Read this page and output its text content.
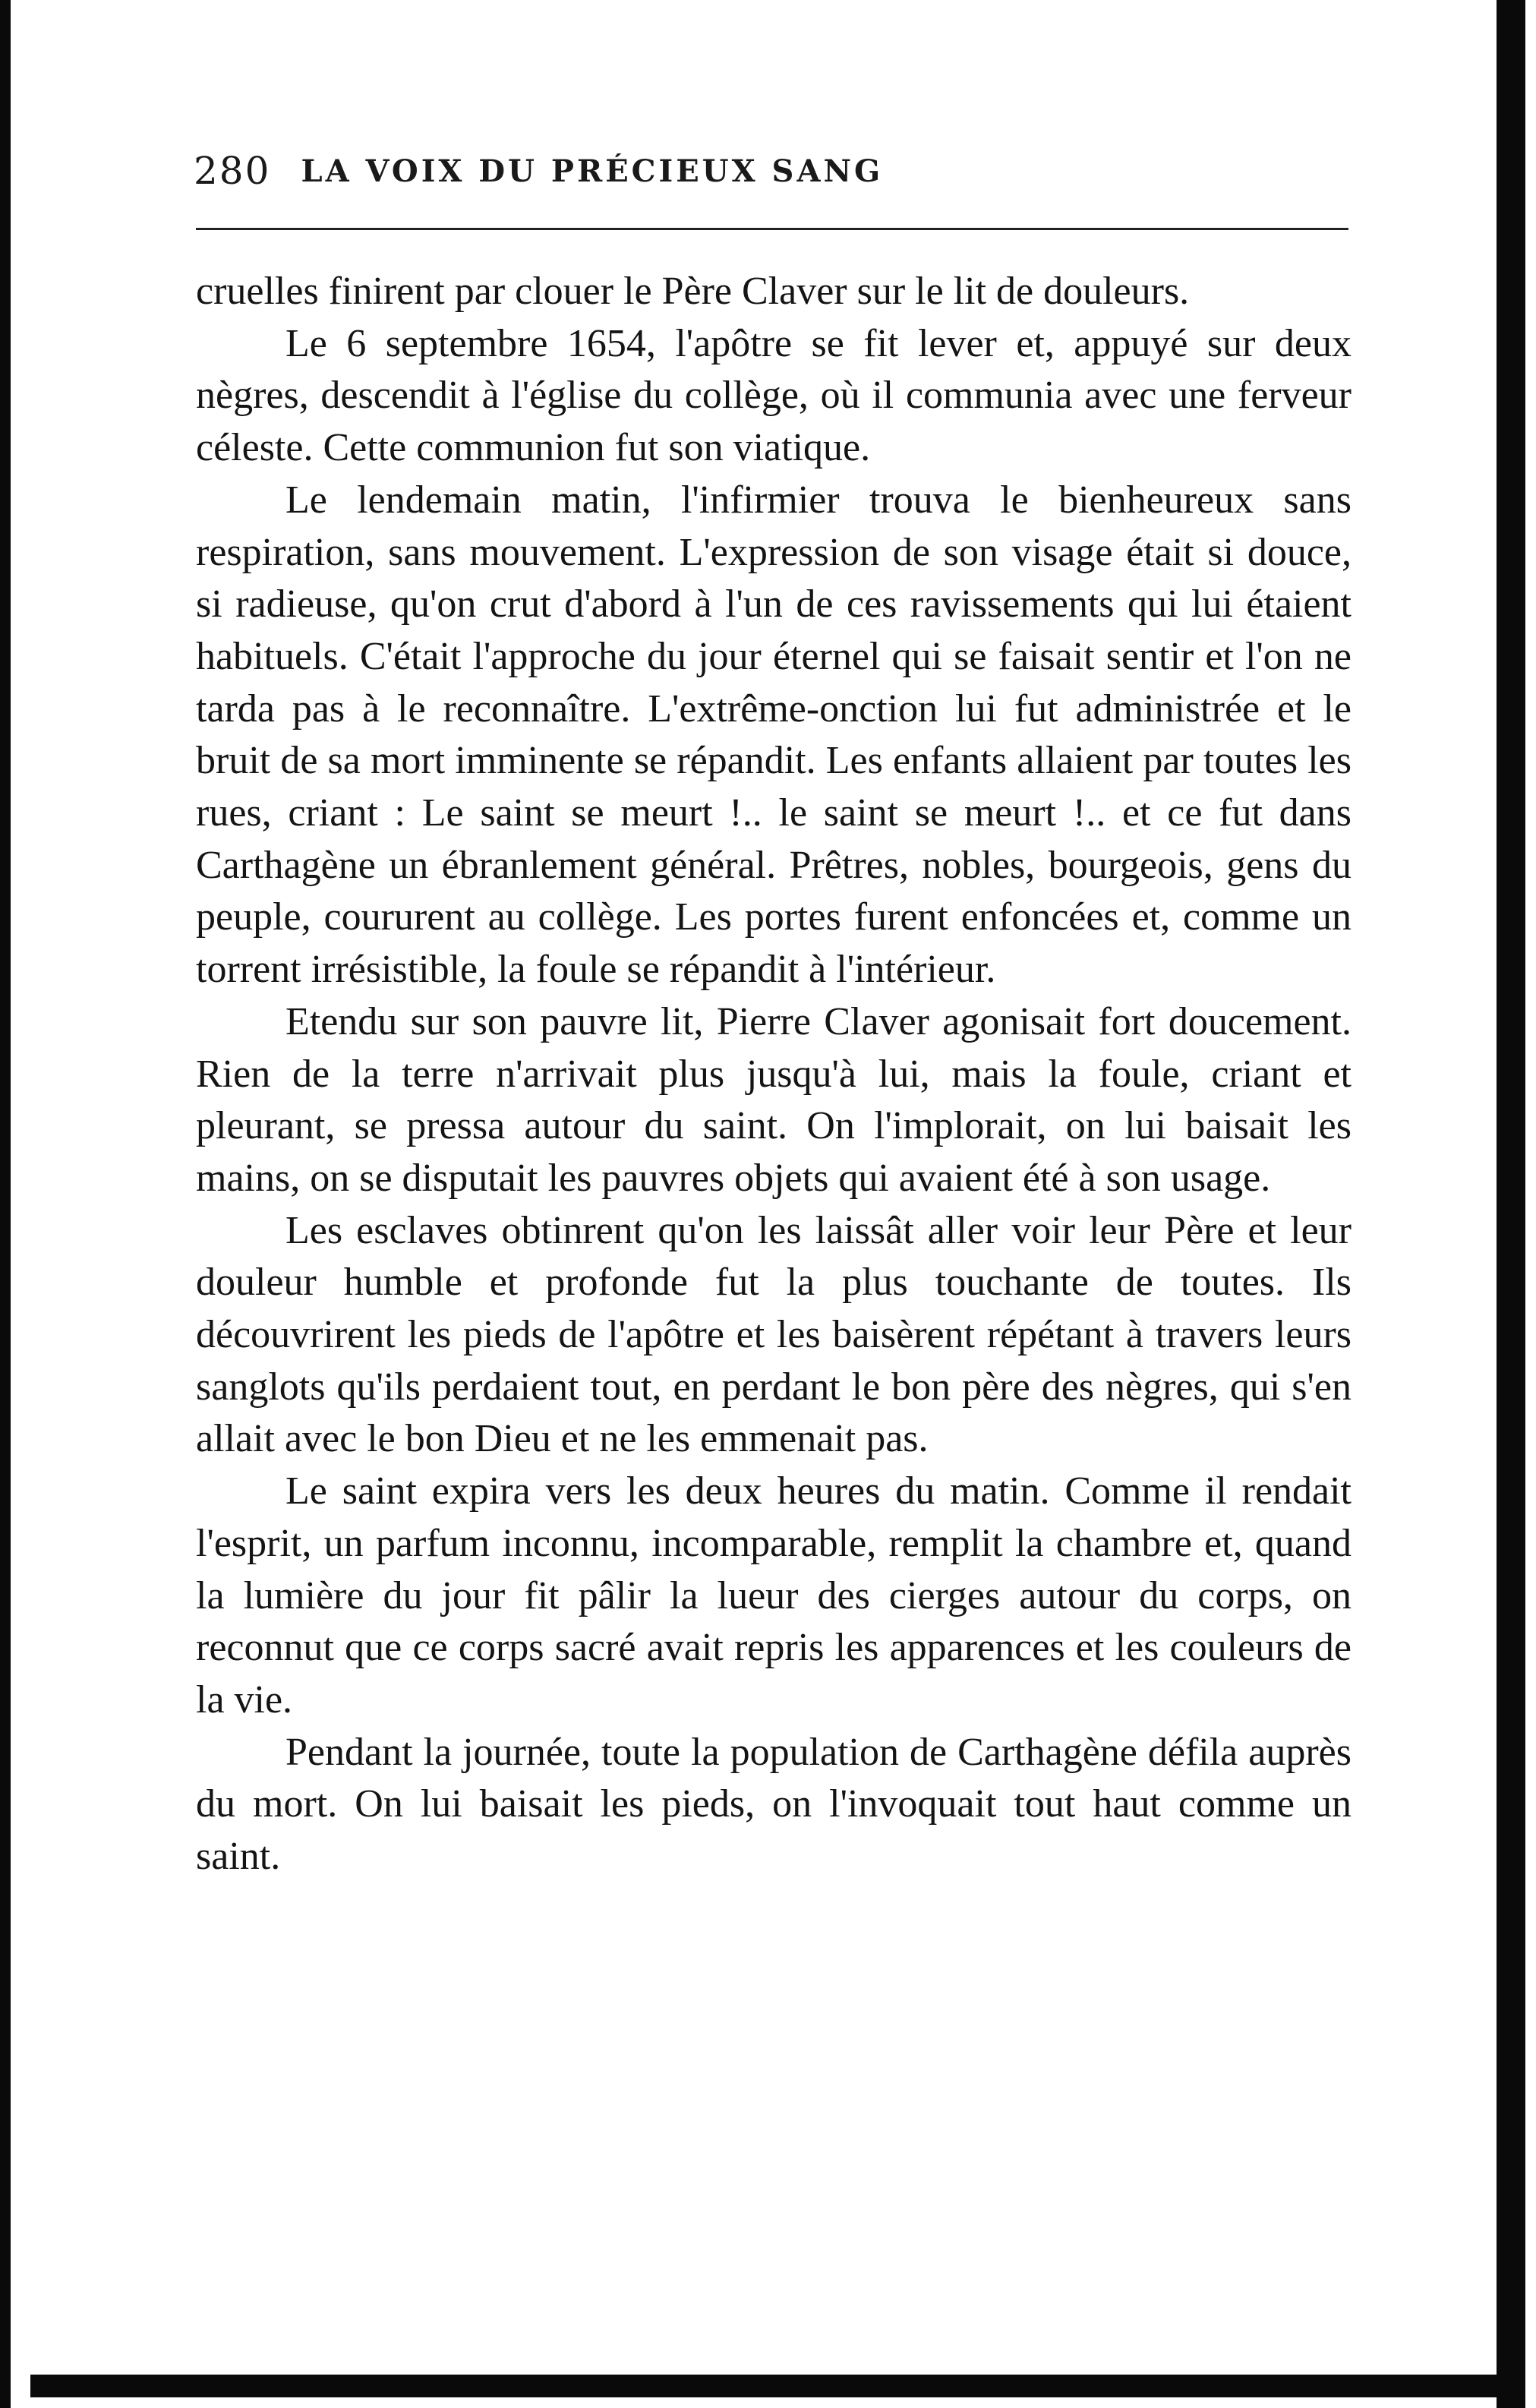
280 LA VOIX DU PRÉCIEUX SANG

cruelles finirent par clouer le Père Claver sur le lit de douleurs.

Le 6 septembre 1654, l'apôtre se fit lever et, appuyé sur deux nègres, descendit à l'église du collège, où il communia avec une ferveur céleste. Cette communion fut son viatique.

Le lendemain matin, l'infirmier trouva le bienheureux sans respiration, sans mouvement. L'expression de son visage était si douce, si radieuse, qu'on crut d'abord à l'un de ces ravissements qui lui étaient habituels. C'était l'approche du jour éternel qui se faisait sentir et l'on ne tarda pas à le reconnaître. L'extrême-onction lui fut administrée et le bruit de sa mort imminente se répandit. Les enfants allaient par toutes les rues, criant : Le saint se meurt !.. le saint se meurt !.. et ce fut dans Carthagène un ébranlement général. Prêtres, nobles, bourgeois, gens du peuple, coururent au collège. Les portes furent enfoncées et, comme un torrent irrésistible, la foule se répandit à l'intérieur.

Etendu sur son pauvre lit, Pierre Claver agonisait fort doucement. Rien de la terre n'arrivait plus jusqu'à lui, mais la foule, criant et pleurant, se pressa autour du saint. On l'implorait, on lui baisait les mains, on se disputait les pauvres objets qui avaient été à son usage.

Les esclaves obtinrent qu'on les laissât aller voir leur Père et leur douleur humble et profonde fut la plus touchante de toutes. Ils découvrirent les pieds de l'apôtre et les baisèrent répétant à travers leurs sanglots qu'ils perdaient tout, en perdant le bon père des nègres, qui s'en allait avec le bon Dieu et ne les emmenait pas.

Le saint expira vers les deux heures du matin. Comme il rendait l'esprit, un parfum inconnu, incomparable, remplit la chambre et, quand la lumière du jour fit pâlir la lueur des cierges autour du corps, on reconnut que ce corps sacré avait repris les apparences et les couleurs de la vie.

Pendant la journée, toute la population de Carthagène défila auprès du mort. On lui baisait les pieds, on l'invoquait tout haut comme un saint.
